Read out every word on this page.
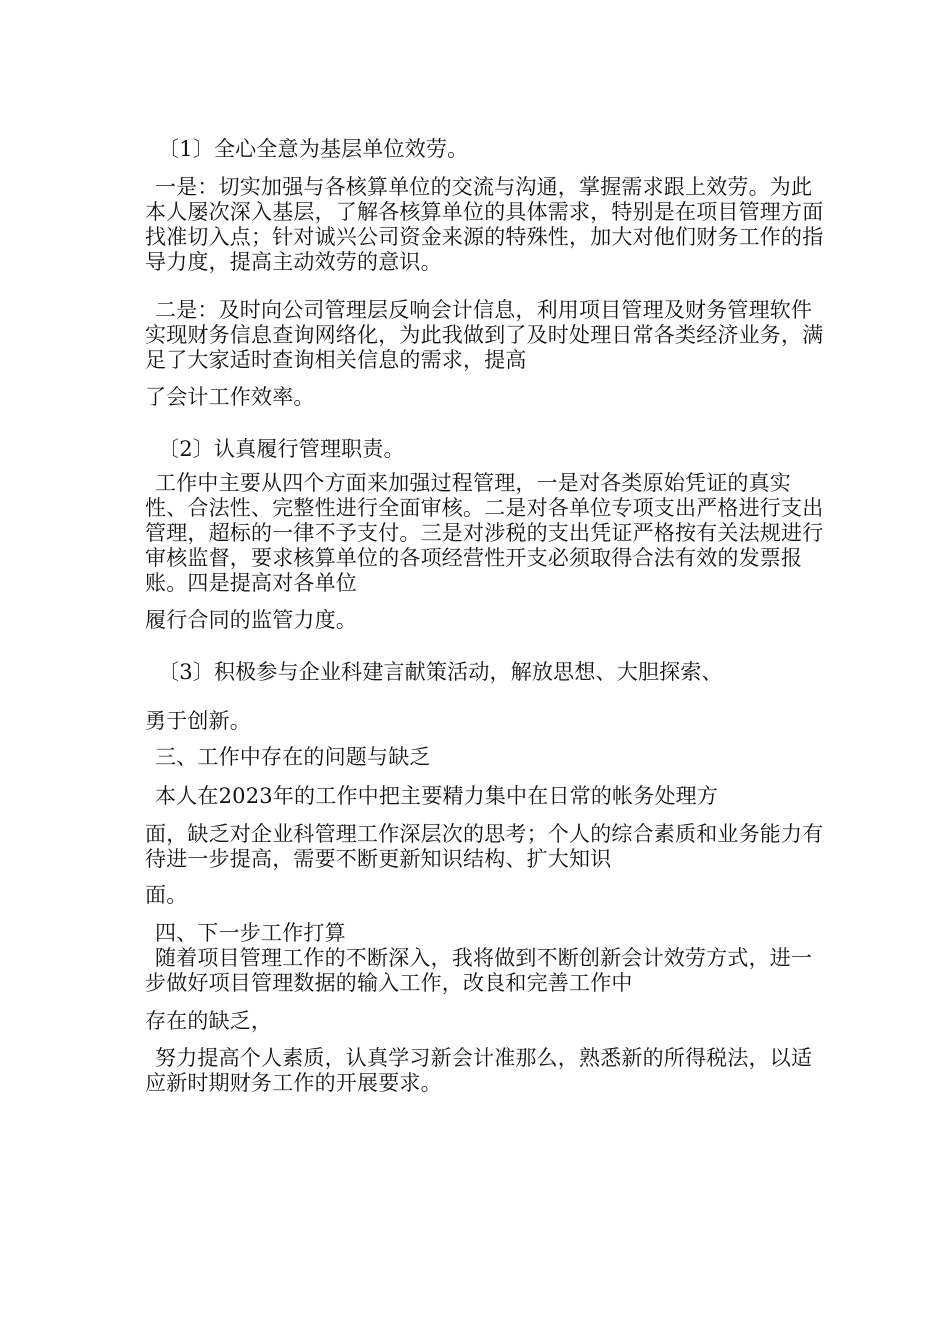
〔1〕全心全意为基层单位效劳。

一是：切实加强与各核算单位的交流与沟通，掌握需求跟上效劳。为此本人屡次深入基层，了解各核算单位的具体需求，特别是在项目管理方面找准切入点；针对诚兴公司资金来源的特殊性，加大对他们财务工作的指导力度，提高主动效劳的意识。

二是：及时向公司管理层反响会计信息，利用项目管理及财务管理软件实现财务信息查询网络化，为此我做到了及时处理日常各类经济业务，满足了大家适时查询相关信息的需求，提高

了会计工作效率。

〔2〕认真履行管理职责。

工作中主要从四个方面来加强过程管理，一是对各类原始凭证的真实性、合法性、完整性进行全面审核。二是对各单位专项支出严格进行支出管理，超标的一律不予支付。三是对涉税的支出凭证严格按有关法规进行审核监督，要求核算单位的各项经营性开支必须取得合法有效的发票报账。四是提高对各单位

履行合同的监管力度。

〔3〕积极参与企业科建言献策活动，解放思想、大胆探索、

勇于创新。

三、工作中存在的问题与缺乏

本人在2023年的工作中把主要精力集中在日常的帐务处理方

面，缺乏对企业科管理工作深层次的思考；个人的综合素质和业务能力有待进一步提高，需要不断更新知识结构、扩大知识

面。

四、下一步工作打算

随着项目管理工作的不断深入，我将做到不断创新会计效劳方式，进一步做好项目管理数据的输入工作，改良和完善工作中

存在的缺乏，

努力提高个人素质，认真学习新会计准那么，熟悉新的所得税法，以适应新时期财务工作的开展要求。
